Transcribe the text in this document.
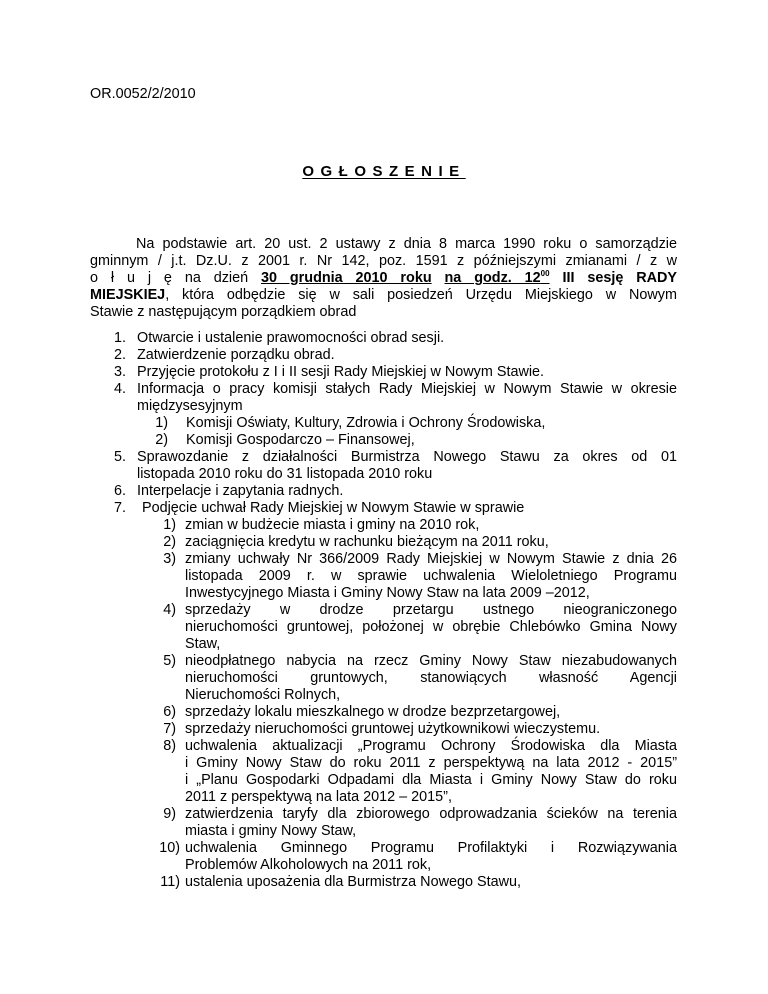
OR.0052/2/2010
OGŁOSZENIE
Na podstawie art. 20 ust. 2 ustawy z dnia 8 marca 1990 roku o samorządzie
gminnym / j.t. Dz.U. z 2001 r. Nr 142, poz. 1591 z późniejszymi zmianami / z w
o ł u j ę na dzień 30 grudnia 2010 roku na godz. $12^{00}$ III sesję RADY
MIEJSKIEJ, która odbędzie się w sali posiedzeń Urzędu Miejskiego w Nowym
Stawie z następującym porządkiem obrad
1. Otwarcie i ustalenie prawomocności obrad sesji.
2. Zatwierdzenie porządku obrad.
3. Przyjęcie protokołu z I i II sesji Rady Miejskiej w Nowym Stawie.
4. Informacja o pracy komisji stałych Rady Miejskiej w Nowym Stawie w okresie
międzysesyjnym
1) Komisji Oświaty, Kultury, Zdrowia i Ochrony Środowiska,
2) Komisji Gospodarczo – Finansowej,
5. Sprawozdanie z działalności Burmistrza Nowego Stawu za okres od 01
listopada 2010 roku do 31 listopada 2010 roku
6. Interpelacje i zapytania radnych.
7. Podjęcie uchwał Rady Miejskiej w Nowym Stawie w sprawie
1) zmian w budżecie miasta i gminy na 2010 rok,
2) zaciągnięcia kredytu w rachunku bieżącym na 2011 roku,
3) zmiany uchwały Nr 366/2009 Rady Miejskiej w Nowym Stawie z dnia 26
listopada 2009 r. w sprawie uchwalenia Wieloletniego Programu
Inwestycyjnego Miasta i Gminy Nowy Staw na lata 2009 –2012,
4) sprzedaży w drodze przetargu ustnego nieograniczonego
nieruchomości gruntowej, położonej w obrębie Chlebówko Gmina Nowy
Staw,
5) nieodpłatnego nabycia na rzecz Gminy Nowy Staw niezabudowanych
nieruchomości gruntowych, stanowiących własność Agencji
Nieruchomości Rolnych,
6) sprzedaży lokalu mieszkalnego w drodze bezprzetargowej,
7) sprzedaży nieruchomości gruntowej użytkownikowi wieczystemu.
8) uchwalenia aktualizacji „Programu Ochrony Środowiska dla Miasta
i Gminy Nowy Staw do roku 2011 z perspektywą na lata 2012 - 2015”
i „Planu Gospodarki Odpadami dla Miasta i Gminy Nowy Staw do roku
2011 z perspektywą na lata 2012 – 2015”,
9) zatwierdzenia taryfy dla zbiorowego odprowadzania ścieków na terenia
miasta i gminy Nowy Staw,
10) uchwalenia Gminnego Programu Profilaktyki i Rozwiązywania
Problemów Alkoholowych na 2011 rok,
11) ustalenia uposażenia dla Burmistrza Nowego Stawu,
